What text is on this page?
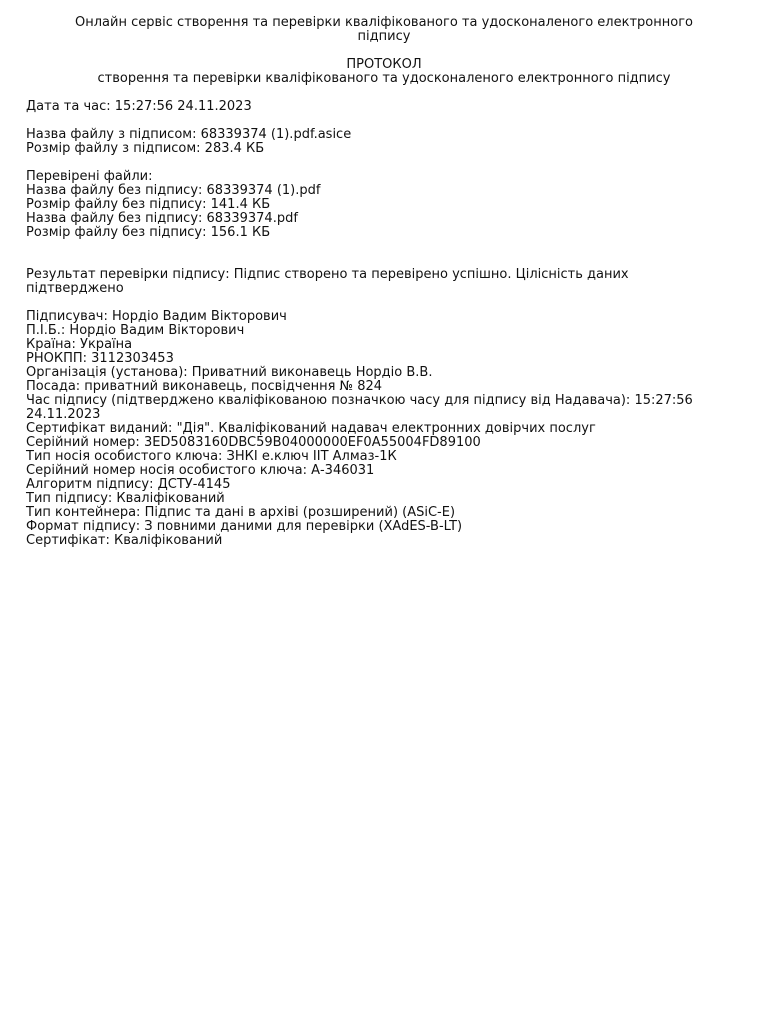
Онлайн сервіс створення та перевірки кваліфікованого та удосконаленого електронного
підпису
ПРОТОКОЛ
створення та перевірки кваліфікованого та удосконаленого електронного підпису
Дата та час: 15:27:56 24.11.2023
Назва файлу з підписом: 68339374 (1).pdf.asice
Розмір файлу з підписом: 283.4 КБ
Перевірені файли:
Назва файлу без підпису: 68339374 (1).pdf
Розмір файлу без підпису: 141.4 КБ
Назва файлу без підпису: 68339374.pdf
Розмір файлу без підпису: 156.1 КБ
Результат перевірки підпису: Підпис створено та перевірено успішно. Цілісність даних
підтверджено
Підписувач: Нордіо Вадим Вікторович
П.І.Б.: Нордіо Вадим Вікторович
Країна: Україна
РНОКПП: 3112303453
Організація (установа): Приватний виконавець Нордіо В.В.
Посада: приватний виконавець, посвідчення № 824
Час підпису (підтверджено кваліфікованою позначкою часу для підпису від Надавача): 15:27:56
24.11.2023
Сертифікат виданий: "Дія". Кваліфікований надавач електронних довірчих послуг
Серійний номер: 3ED5083160DBC59B04000000EF0A55004FD89100
Тип носія особистого ключа: ЗНКІ е.ключ ІІТ Алмаз-1К
Серійний номер носія особистого ключа: А-346031
Алгоритм підпису: ДСТУ-4145
Тип підпису: Кваліфікований
Тип контейнера: Підпис та дані в архіві (розширений) (ASiC-E)
Формат підпису: З повними даними для перевірки (XAdES-B-LT)
Сертифікат: Кваліфікований
